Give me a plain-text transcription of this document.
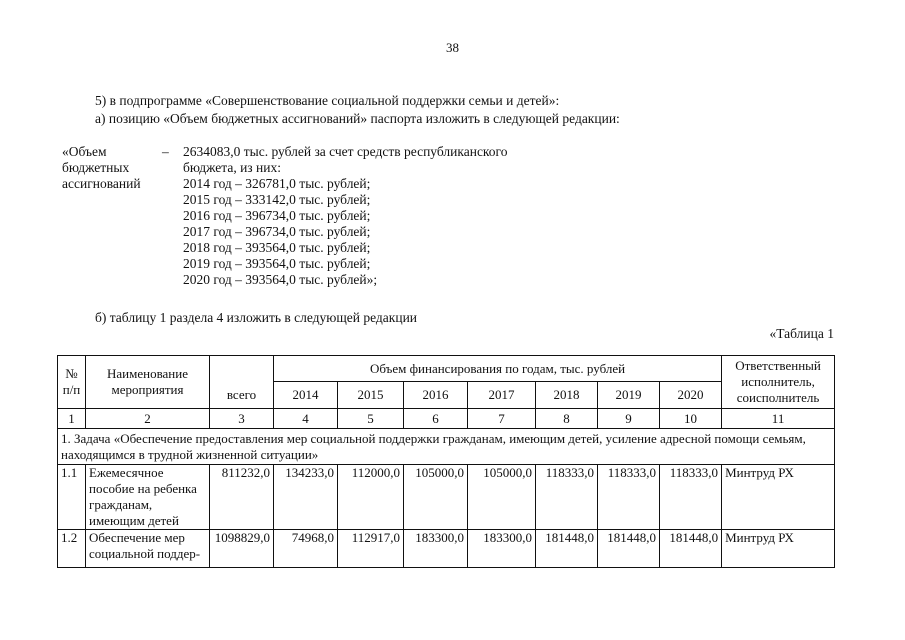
38
5) в подпрограмме «Совершенствование социальной поддержки семьи и детей»:
а) позицию «Объем бюджетных ассигнований» паспорта изложить в следующей редакции:
«Объем
бюджетных
ассигнований
– 2634083,0 тыс. рублей за счет средств республиканского
бюджета, из них:
2014 год – 326781,0 тыс. рублей;
2015 год – 333142,0 тыс. рублей;
2016 год – 396734,0 тыс. рублей;
2017 год – 396734,0 тыс. рублей;
2018 год – 393564,0 тыс. рублей;
2019 год – 393564,0 тыс. рублей;
2020 год – 393564,0 тыс. рублей»;
б) таблицу 1 раздела 4 изложить в следующей редакции
«Таблица 1
№ п/п	Наименование мероприятия		Объем финансирования по годам, тыс. рублей							Ответственный исполнитель, соисполнитель
		всего	2014	2015	2016	2017	2018	2019	2020	
1	2	3	4	5	6	7	8	9	10	11
1. Задача «Обеспечение предоставления мер социальной поддержки гражданам, имеющим детей, усиление адресной помощи семьям, находящимся в трудной жизненной ситуации»										
1.1	Ежемесячное пособие на ребенка гражданам, имеющим детей	811232,0	134233,0	112000,0	105000,0	105000,0	118333,0	118333,0	118333,0	Минтруд РХ
1.2	Обеспечение мер социальной поддер-	1098829,0	74968,0	112917,0	183300,0	183300,0	181448,0	181448,0	181448,0	Минтруд РХ
